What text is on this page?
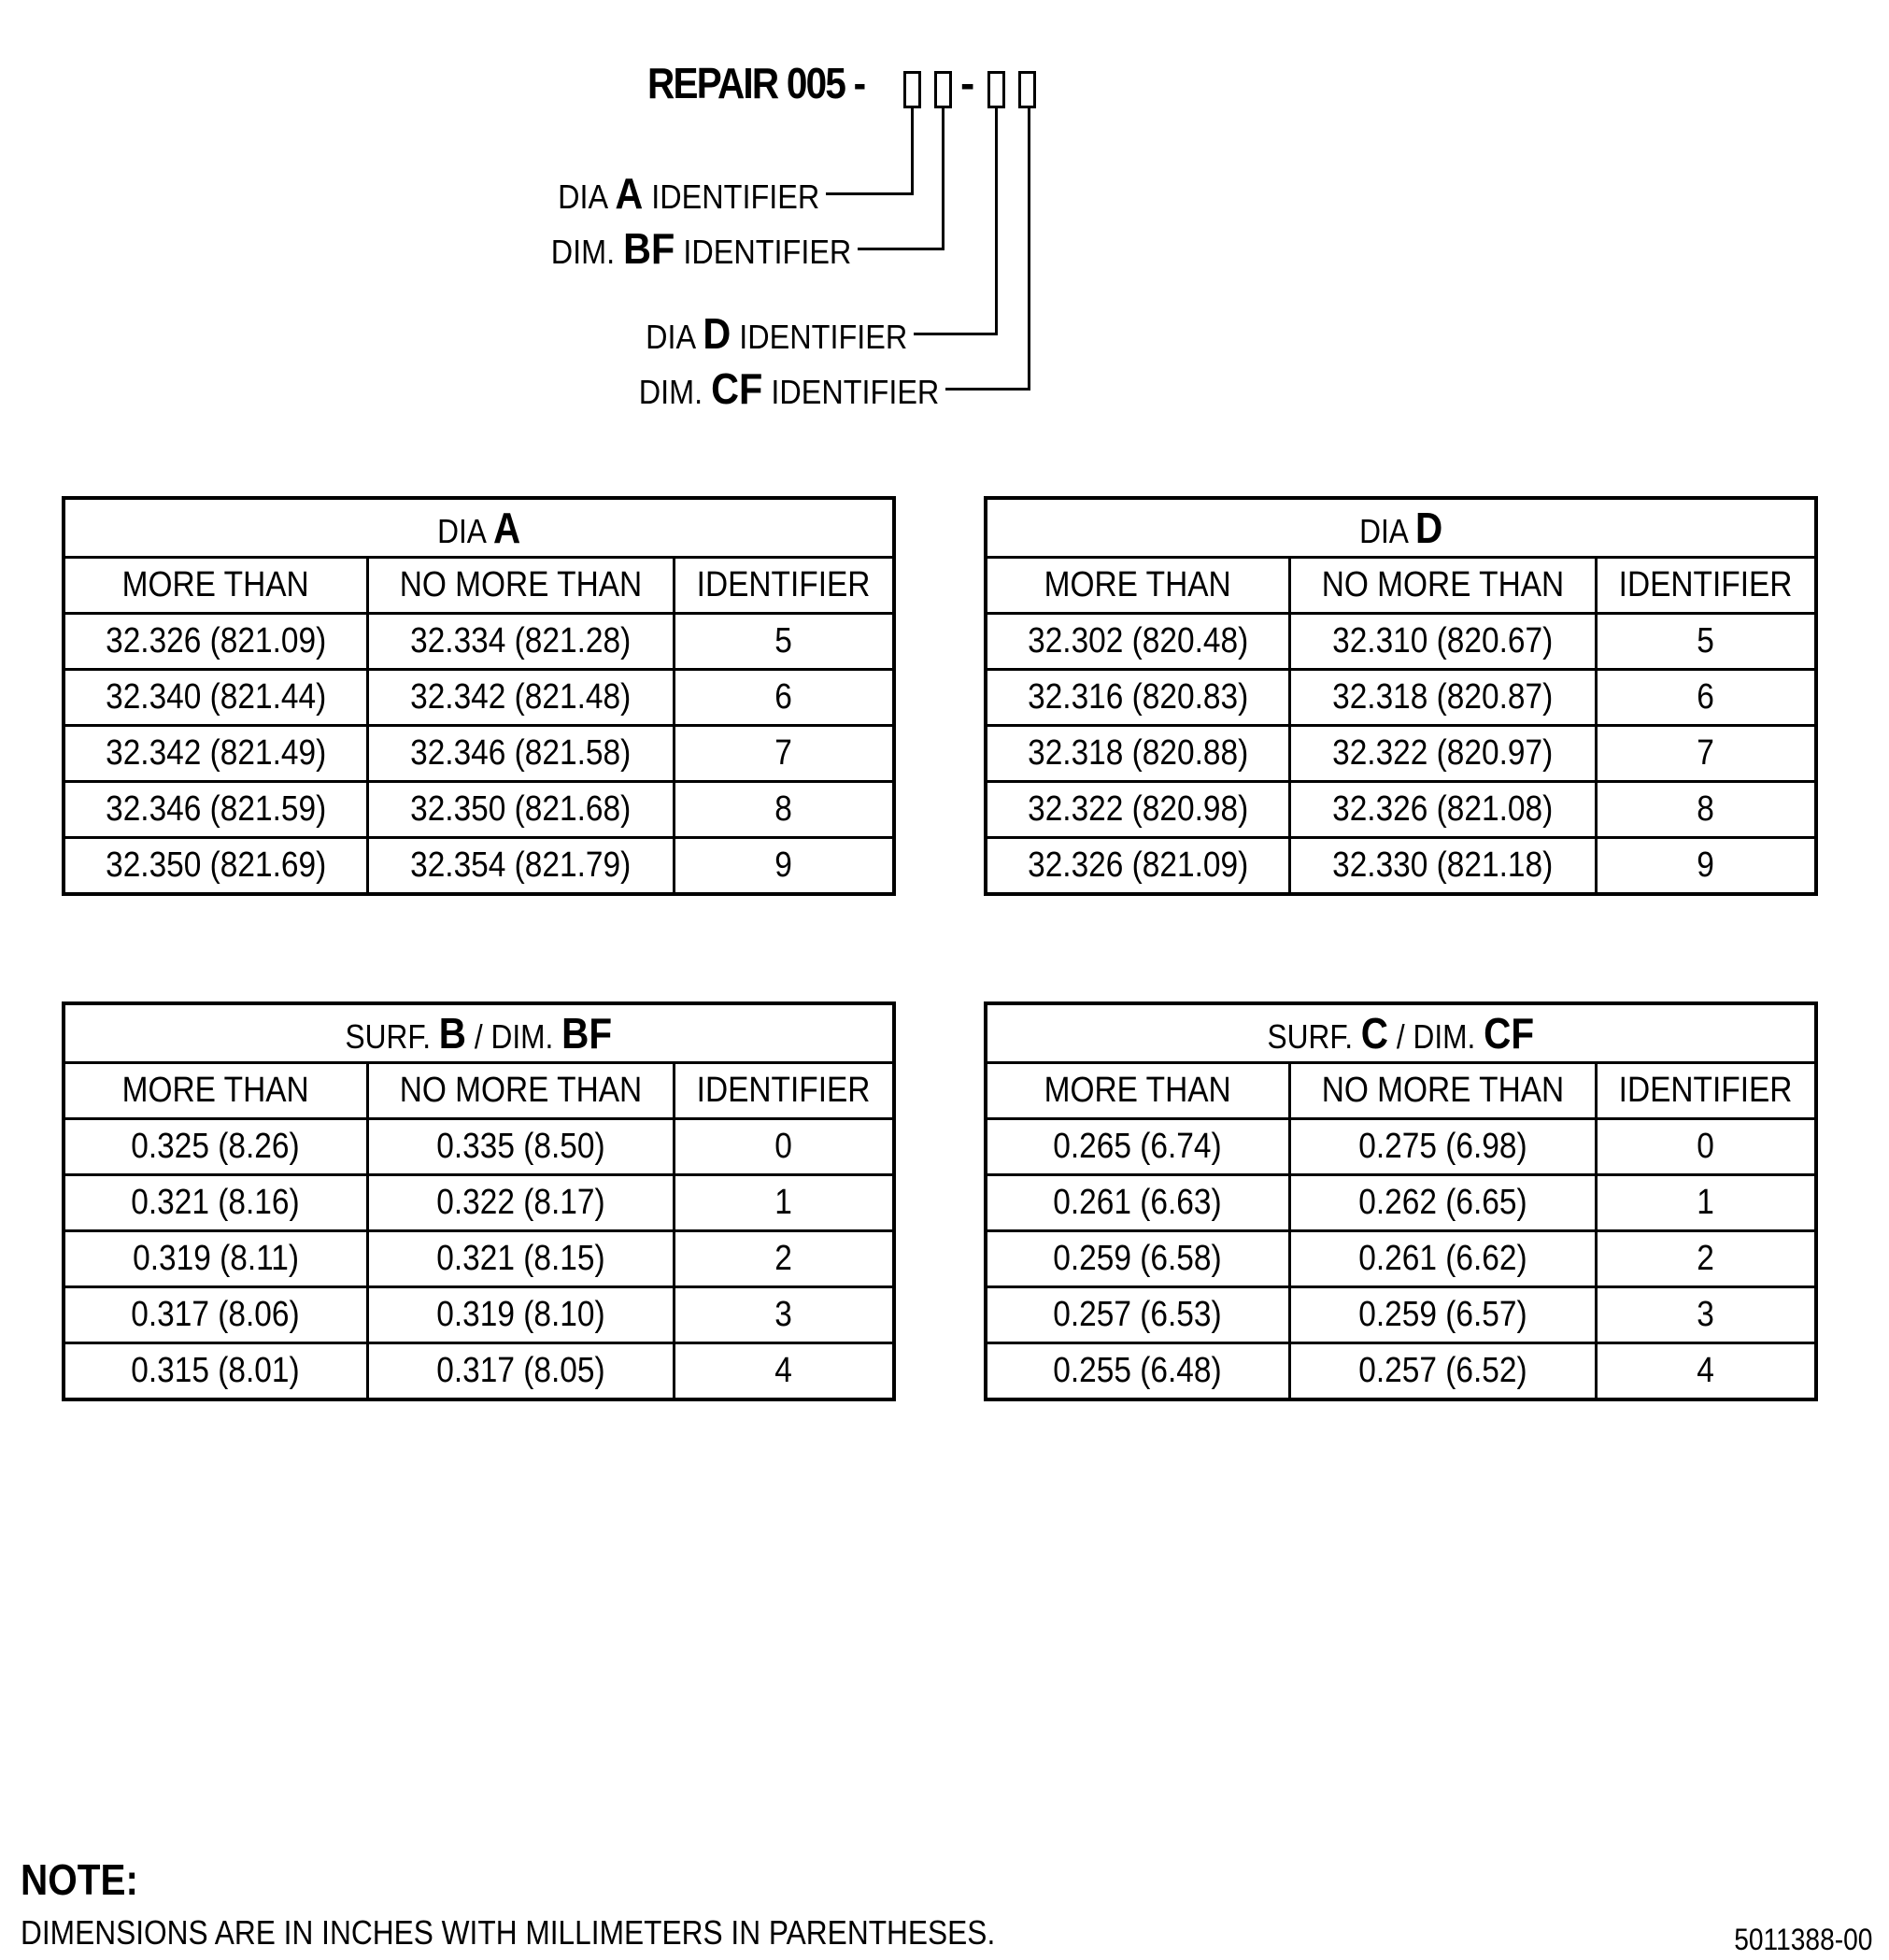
REPAIR 005 - -
DIA A IDENTIFIER
DIM. BF IDENTIFIER
DIA D IDENTIFIER
DIM. CF IDENTIFIER
DIA A		
MORE THAN	NO MORE THAN	IDENTIFIER
32.326 (821.09)	32.334 (821.28)	5
32.340 (821.44)	32.342 (821.48)	6
32.342 (821.49)	32.346 (821.58)	7
32.346 (821.59)	32.350 (821.68)	8
32.350 (821.69)	32.354 (821.79)	9
DIA D		
MORE THAN	NO MORE THAN	IDENTIFIER
32.302 (820.48)	32.310 (820.67)	5
32.316 (820.83)	32.318 (820.87)	6
32.318 (820.88)	32.322 (820.97)	7
32.322 (820.98)	32.326 (821.08)	8
32.326 (821.09)	32.330 (821.18)	9
SURF. B / DIM. BF		
MORE THAN	NO MORE THAN	IDENTIFIER
0.325 (8.26)	0.335 (8.50)	0
0.321 (8.16)	0.322 (8.17)	1
0.319 (8.11)	0.321 (8.15)	2
0.317 (8.06)	0.319 (8.10)	3
0.315 (8.01)	0.317 (8.05)	4
SURF. C / DIM. CF		
MORE THAN	NO MORE THAN	IDENTIFIER
0.265 (6.74)	0.275 (6.98)	0
0.261 (6.63)	0.262 (6.65)	1
0.259 (6.58)	0.261 (6.62)	2
0.257 (6.53)	0.259 (6.57)	3
0.255 (6.48)	0.257 (6.52)	4
NOTE:
DIMENSIONS ARE IN INCHES WITH MILLIMETERS IN PARENTHESES.	5011388-00
